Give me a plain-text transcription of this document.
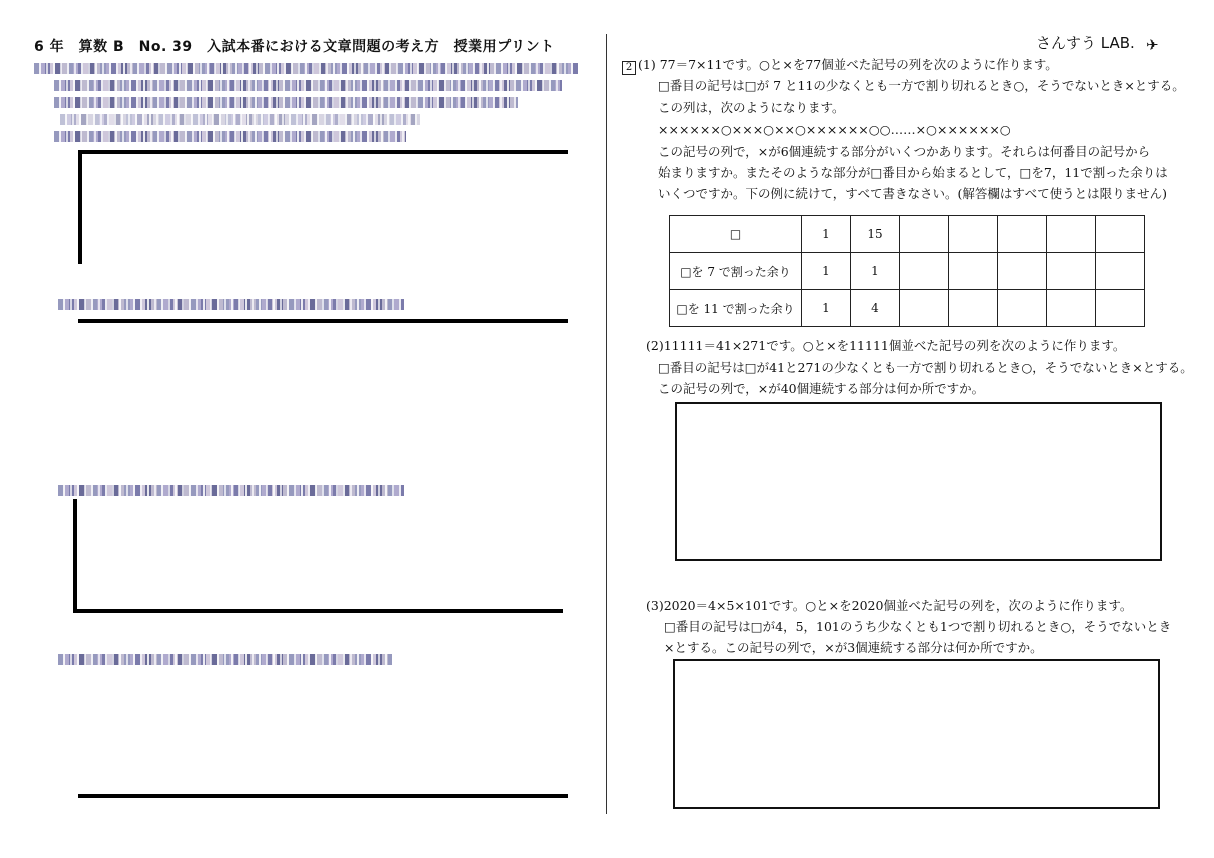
6 年　算数 B　No. 39　入試本番における文章問題の考え方　授業用プリント	さんすう LAB. ✈
2 (1) 77＝7×11です。○と×を77個並べた記号の列を次のように作ります。
□番目の記号は□が 7 と11の少なくとも一方で割り切れるとき○，そうでないとき×とする。
この列は，次のようになります。
××××××○×××○××○××××××○○……×○××××××○
この記号の列で，×が6個連続する部分がいくつかあります。それらは何番目の記号から
始まりますか。またそのような部分が□番目から始まるとして，□を7，11で割った余りは
いくつですか。下の例に続けて，すべて書きなさい。(解答欄はすべて使うとは限りません)
□	1	15					
□を 7 で割った余り	1	1					
□を 11 で割った余り	1	4					
(2)11111＝41×271です。○と×を11111個並べた記号の列を次のように作ります。
□番目の記号は□が41と271の少なくとも一方で割り切れるとき○，そうでないとき×とする。
この記号の列で，×が40個連続する部分は何か所ですか。
(3)2020＝4×5×101です。○と×を2020個並べた記号の列を，次のように作ります。
□番目の記号は□が4，5，101のうち少なくとも1つで割り切れるとき○，そうでないとき
×とする。この記号の列で，×が3個連続する部分は何か所ですか。
